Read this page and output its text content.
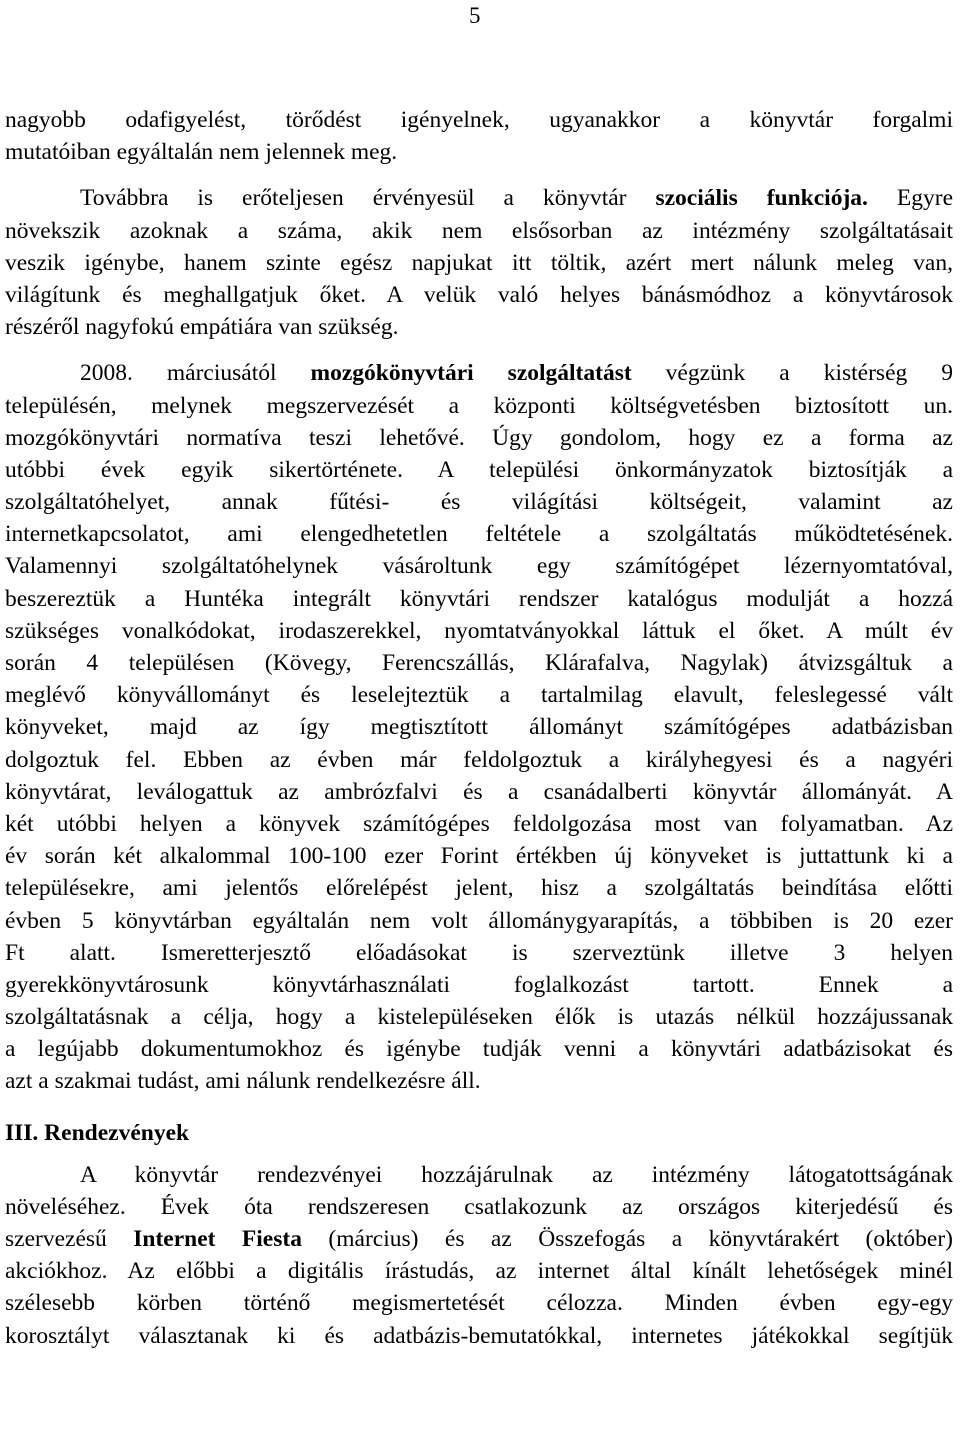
5
nagyobb odafigyelést, törődést igényelnek, ugyanakkor a könyvtár forgalmi
mutatóiban egyáltalán nem jelennek meg.
Továbbra is erőteljesen érvényesül a könyvtár szociális funkciója. Egyre
növekszik azoknak a száma, akik nem elsősorban az intézmény szolgáltatásait
veszik igénybe, hanem szinte egész napjukat itt töltik, azért mert nálunk meleg van,
világítunk és meghallgatjuk őket. A velük való helyes bánásmódhoz a könyvtárosok
részéről nagyfokú empátiára van szükség.
2008. márciusától mozgókönyvtári szolgáltatást végzünk a kistérség 9
településén, melynek megszervezését a központi költségvetésben biztosított un.
mozgókönyvtári normatíva teszi lehetővé. Úgy gondolom, hogy ez a forma az
utóbbi évek egyik sikertörténete. A települési önkormányzatok biztosítják a
szolgáltatóhelyet, annak fűtési- és világítási költségeit, valamint az
internetkapcsolatot, ami elengedhetetlen feltétele a szolgáltatás működtetésének.
Valamennyi szolgáltatóhelynek vásároltunk egy számítógépet lézernyomtatóval,
beszereztük a Huntéka integrált könyvtári rendszer katalógus modulját a hozzá
szükséges vonalkódokat, irodaszerekkel, nyomtatványokkal láttuk el őket. A múlt év
során 4 településen (Kövegy, Ferencszállás, Klárafalva, Nagylak) átvizsgáltuk a
meglévő könyvállományt és leselejteztük a tartalmilag elavult, feleslegessé vált
könyveket, majd az így megtisztított állományt számítógépes adatbázisban
dolgoztuk fel. Ebben az évben már feldolgoztuk a királyhegyesi és a nagyéri
könyvtárat, leválogattuk az ambrózfalvi és a csanádalberti könyvtár állományát. A
két utóbbi helyen a könyvek számítógépes feldolgozása most van folyamatban. Az
év során két alkalommal 100-100 ezer Forint értékben új könyveket is juttattunk ki a
településekre, ami jelentős előrelépést jelent, hisz a szolgáltatás beindítása előtti
évben 5 könyvtárban egyáltalán nem volt állománygyarapítás, a többiben is 20 ezer
Ft alatt. Ismeretterjesztő előadásokat is szerveztünk illetve 3 helyen
gyerekkönyvtárosunk könyvtárhasználati foglalkozást tartott. Ennek a
szolgáltatásnak a célja, hogy a kistelepüléseken élők is utazás nélkül hozzájussanak
a legújabb dokumentumokhoz és igénybe tudják venni a könyvtári adatbázisokat és
azt a szakmai tudást, ami nálunk rendelkezésre áll.
III. Rendezvények
A könyvtár rendezvényei hozzájárulnak az intézmény látogatottságának
növeléséhez. Évek óta rendszeresen csatlakozunk az országos kiterjedésű és
szervezésű Internet Fiesta (március) és az Összefogás a könyvtárakért (október)
akciókhoz. Az előbbi a digitális írástudás, az internet által kínált lehetőségek minél
szélesebb körben történő megismertetését célozza. Minden évben egy-egy
korosztályt választanak ki és adatbázis-bemutatókkal, internetes játékokkal segítjük
